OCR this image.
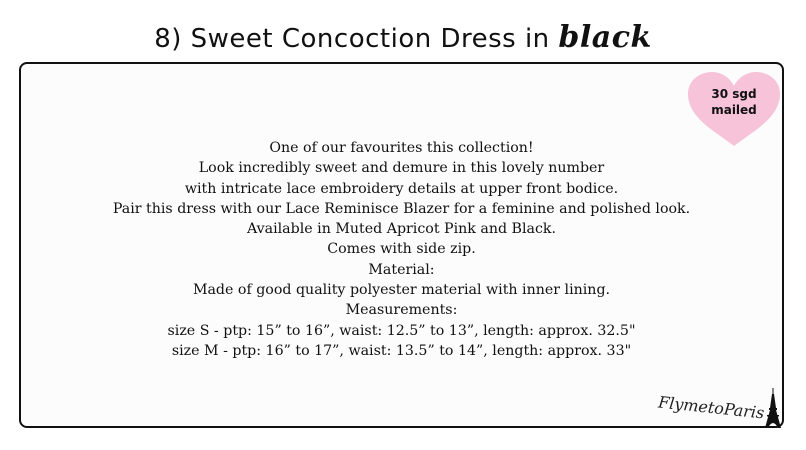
8) Sweet Concoction Dress in black
30 sgd
mailed
One of our favourites this collection!
Look incredibly sweet and demure in this lovely number
with intricate lace embroidery details at upper front bodice.
Pair this dress with our Lace Reminisce Blazer for a feminine and polished look.
Available in Muted Apricot Pink and Black.
Comes with side zip.
Material:
Made of good quality polyester material with inner lining.
Measurements:
size S - ptp: 15” to 16”, waist: 12.5” to 13”, length: approx. 32.5"
size M - ptp: 16” to 17”, waist: 13.5” to 14”, length: approx. 33"
FlymetoParis
